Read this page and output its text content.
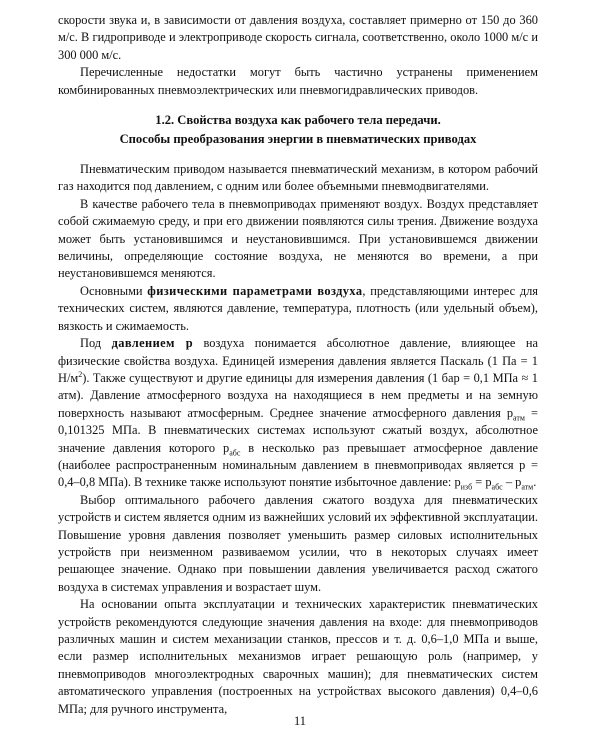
скорости звука и, в зависимости от давления воздуха, составляет примерно от 150 до 360 м/с. В гидроприводе и электроприводе скорость сигнала, соответственно, около 1000 м/с и 300 000 м/с.

Перечисленные недостатки могут быть частично устранены применением комбинированных пневмоэлектрических или пневмогидравлических приводов.

1.2. Свойства воздуха как рабочего тела передачи.
Способы преобразования энергии в пневматических приводах

Пневматическим приводом называется пневматический механизм, в котором рабочий газ находится под давлением, с одним или более объемными пневмодвигателями.

В качестве рабочего тела в пневмоприводах применяют воздух. Воздух представляет собой сжимаемую среду, и при его движении появляются силы трения. Движение воздуха может быть установившимся и неустановившимся. При установившемся движении величины, определяющие состояние воздуха, не меняются во времени, а при неустановившемся меняются.

Основными физическими параметрами воздуха, представляющими интерес для технических систем, являются давление, температура, плотность (или удельный объем), вязкость и сжимаемость.

Под давлением p воздуха понимается абсолютное давление, влияющее на физические свойства воздуха. Единицей измерения давления является Паскаль (1 Па = 1 $Н/м^2$). Также существуют и другие единицы для измерения давления (1 бар = 0,1 МПа ≈ 1 атм). Давление атмосферного воздуха на находящиеся в нем предметы и на земную поверхность называют атмосферным. Среднее значение атмосферного давления $p_{атм} = 0,101325$ МПа. В пневматических системах используют сжатый воздух, абсолютное значение давления которого $p_{абс}$ в несколько раз превышает атмосферное давление (наиболее распространенным номинальным давлением в пневмоприводах является p = 0,4–0,8 МПа). В технике также используют понятие избыточное давление: $p_{изб} = p_{абс} - p_{атм}$.

Выбор оптимального рабочего давления сжатого воздуха для пневматических устройств и систем является одним из важнейших условий их эффективной эксплуатации. Повышение уровня давления позволяет уменьшить размер силовых исполнительных устройств при неизменном развиваемом усилии, что в некоторых случаях имеет решающее значение. Однако при повышении давления увеличивается расход сжатого воздуха в системах управления и возрастает шум.

На основании опыта эксплуатации и технических характеристик пневматических устройств рекомендуются следующие значения давления на входе: для пневмоприводов различных машин и систем механизации станков, прессов и т. д. 0,6–1,0 МПа и выше, если размер исполнительных механизмов играет решающую роль (например, у пневмоприводов многоэлектродных сварочных машин); для пневматических систем автоматического управления (построенных на устройствах высокого давления) 0,4–0,6 МПа; для ручного инструмента,

11
